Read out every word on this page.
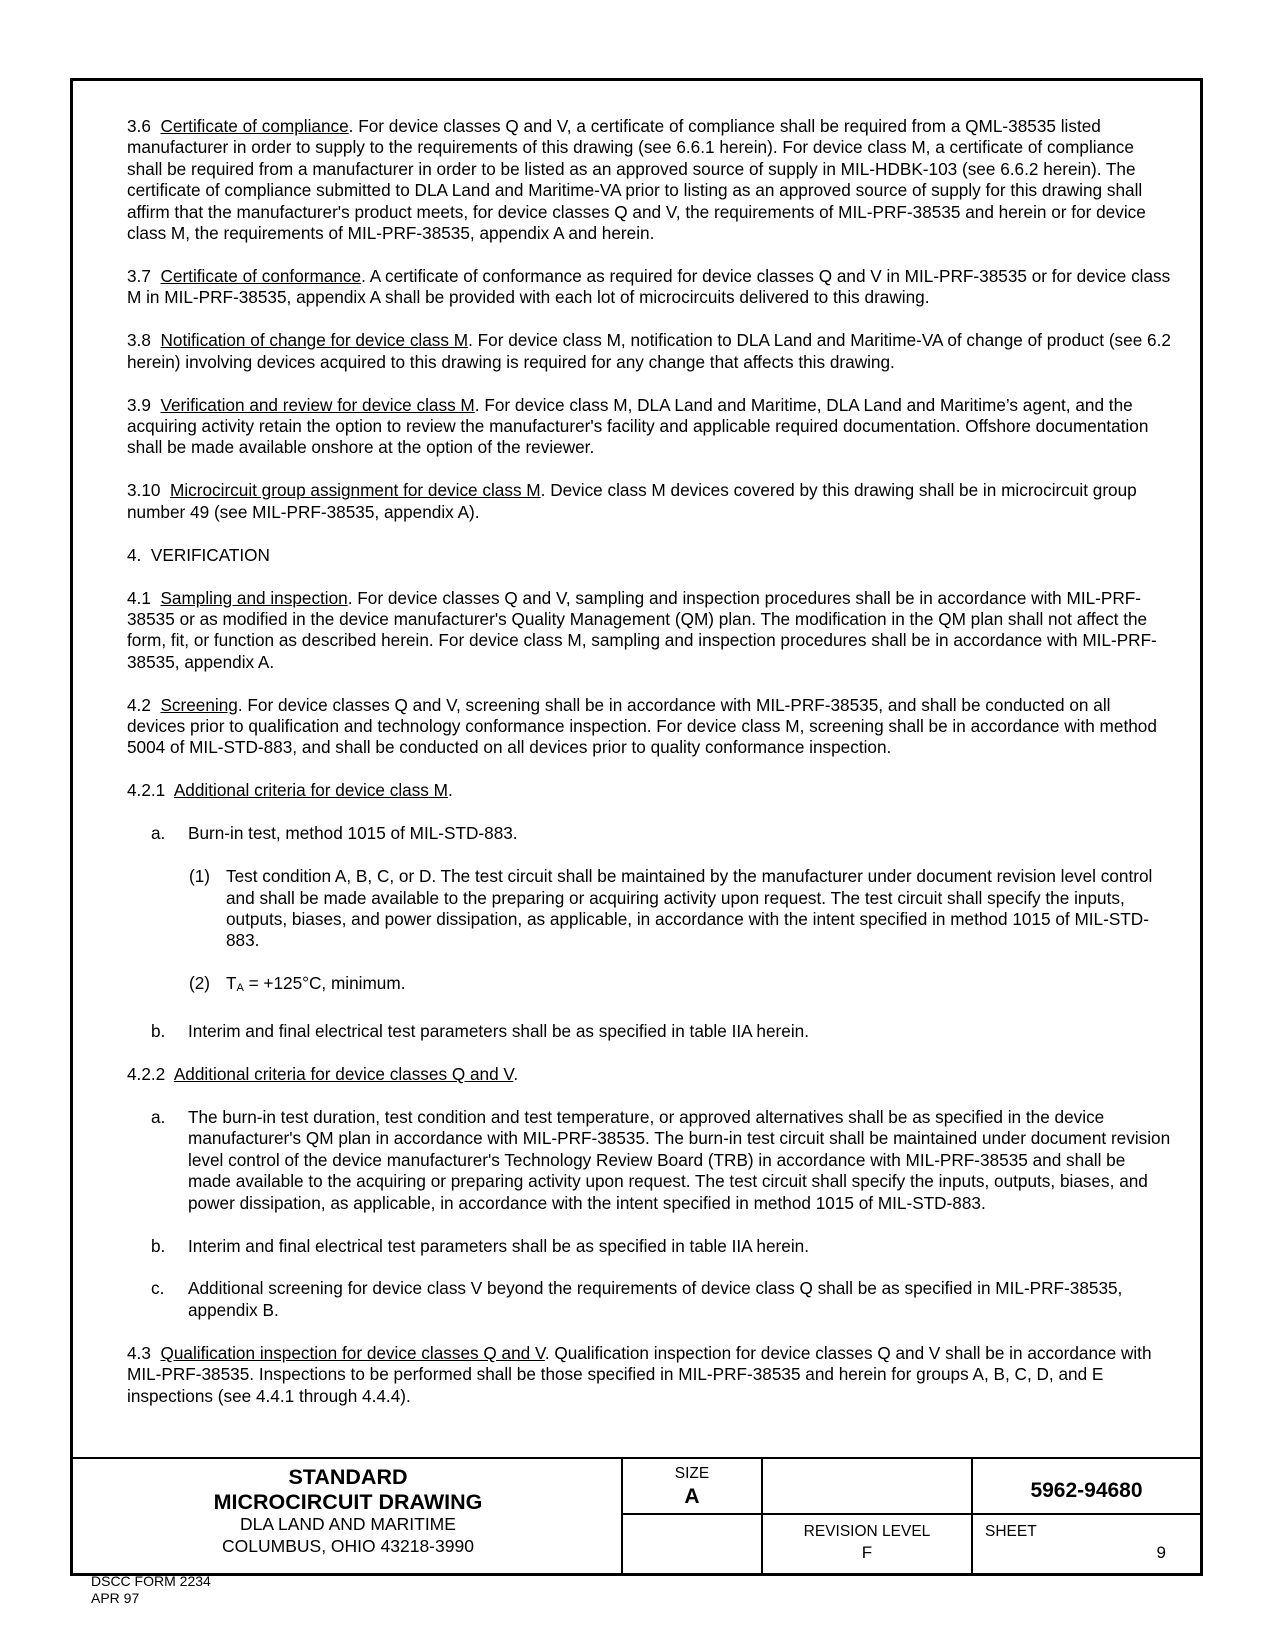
3.6 Certificate of compliance. For device classes Q and V, a certificate of compliance shall be required from a QML-38535 listed manufacturer in order to supply to the requirements of this drawing (see 6.6.1 herein). For device class M, a certificate of compliance shall be required from a manufacturer in order to be listed as an approved source of supply in MIL-HDBK-103 (see 6.6.2 herein). The certificate of compliance submitted to DLA Land and Maritime-VA prior to listing as an approved source of supply for this drawing shall affirm that the manufacturer's product meets, for device classes Q and V, the requirements of MIL-PRF-38535 and herein or for device class M, the requirements of MIL-PRF-38535, appendix A and herein.

3.7 Certificate of conformance. A certificate of conformance as required for device classes Q and V in MIL-PRF-38535 or for device class M in MIL-PRF-38535, appendix A shall be provided with each lot of microcircuits delivered to this drawing.

3.8 Notification of change for device class M. For device class M, notification to DLA Land and Maritime-VA of change of product (see 6.2 herein) involving devices acquired to this drawing is required for any change that affects this drawing.

3.9 Verification and review for device class M. For device class M, DLA Land and Maritime, DLA Land and Maritime’s agent, and the acquiring activity retain the option to review the manufacturer's facility and applicable required documentation. Offshore documentation shall be made available onshore at the option of the reviewer.

3.10 Microcircuit group assignment for device class M. Device class M devices covered by this drawing shall be in microcircuit group number 49 (see MIL-PRF-38535, appendix A).

4. VERIFICATION

4.1 Sampling and inspection. For device classes Q and V, sampling and inspection procedures shall be in accordance with MIL-PRF-38535 or as modified in the device manufacturer's Quality Management (QM) plan. The modification in the QM plan shall not affect the form, fit, or function as described herein. For device class M, sampling and inspection procedures shall be in accordance with MIL-PRF-38535, appendix A.

4.2 Screening. For device classes Q and V, screening shall be in accordance with MIL-PRF-38535, and shall be conducted on all devices prior to qualification and technology conformance inspection. For device class M, screening shall be in accordance with method 5004 of MIL-STD-883, and shall be conducted on all devices prior to quality conformance inspection.

4.2.1 Additional criteria for device class M.

a.	Burn-in test, method 1015 of MIL-STD-883.
(1) Test condition A, B, C, or D. The test circuit shall be maintained by the manufacturer under document revision level control and shall be made available to the preparing or acquiring activity upon request. The test circuit shall specify the inputs, outputs, biases, and power dissipation, as applicable, in accordance with the intent specified in method 1015 of MIL-STD-883.
(2) TA = +125°C, minimum.
b.	Interim and final electrical test parameters shall be as specified in table IIA herein.

4.2.2 Additional criteria for device classes Q and V.

a.	The burn-in test duration, test condition and test temperature, or approved alternatives shall be as specified in the device manufacturer's QM plan in accordance with MIL-PRF-38535. The burn-in test circuit shall be maintained under document revision level control of the device manufacturer's Technology Review Board (TRB) in accordance with MIL-PRF-38535 and shall be made available to the acquiring or preparing activity upon request. The test circuit shall specify the inputs, outputs, biases, and power dissipation, as applicable, in accordance with the intent specified in method 1015 of MIL-STD-883.
b.	Interim and final electrical test parameters shall be as specified in table IIA herein.
c.	Additional screening for device class V beyond the requirements of device class Q shall be as specified in MIL-PRF-38535, appendix B.

4.3 Qualification inspection for device classes Q and V. Qualification inspection for device classes Q and V shall be in accordance with MIL-PRF-38535. Inspections to be performed shall be those specified in MIL-PRF-38535 and herein for groups A, B, C, D, and E inspections (see 4.4.1 through 4.4.4).

STANDARD
MICROCIRCUIT DRAWING
DLA LAND AND MARITIME
COLUMBUS, OHIO 43218-3990
SIZE
A	5962-94680
REVISION LEVEL
F
SHEET
9
DSCC FORM 2234
APR 97
